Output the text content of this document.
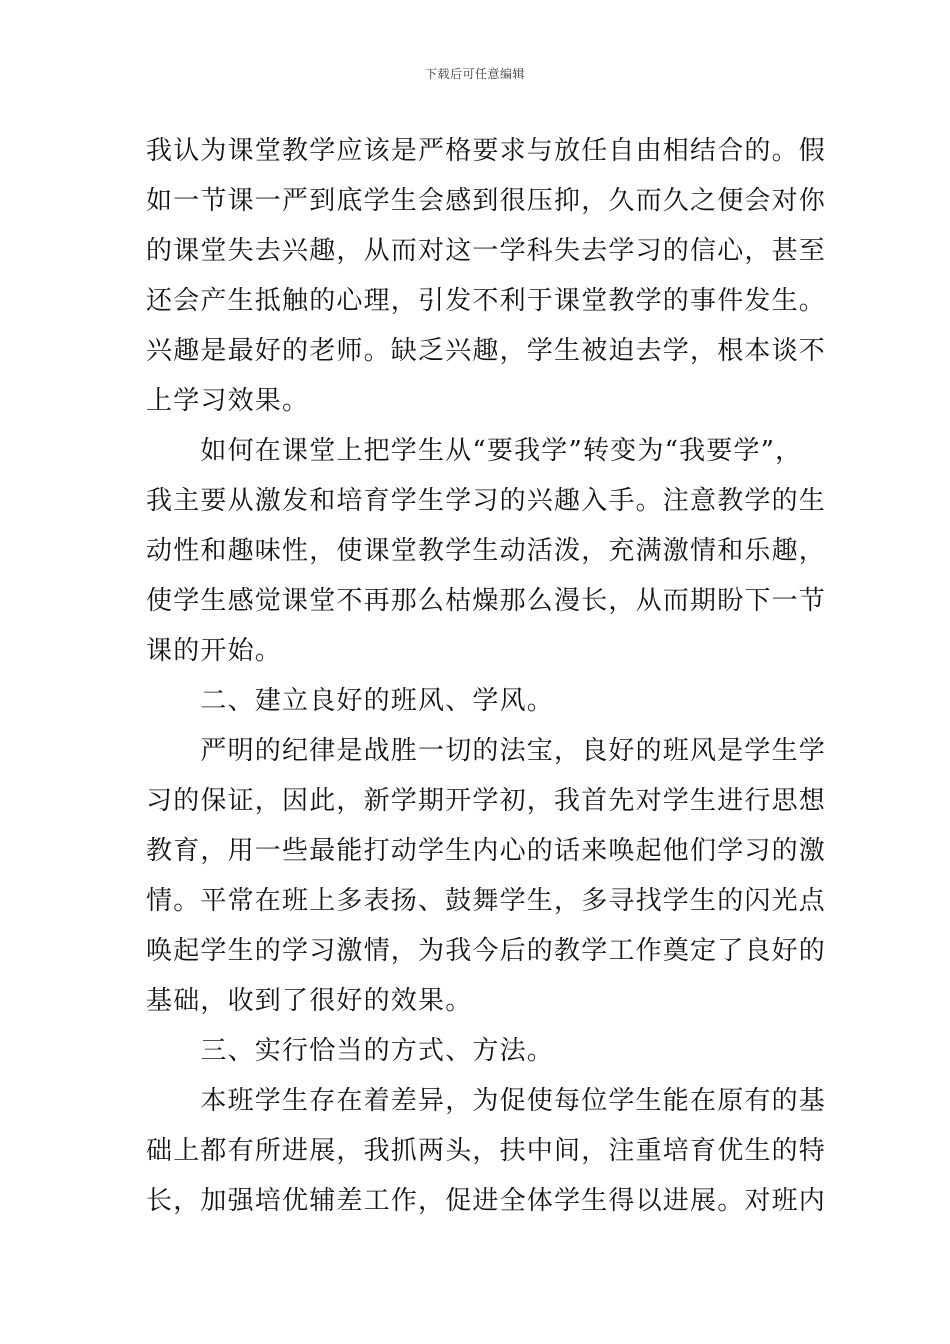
下载后可任意编辑
我认为课堂教学应该是严格要求与放任自由相结合的。假
如一节课一严到底学生会感到很压抑，久而久之便会对你
的课堂失去兴趣，从而对这一学科失去学习的信心，甚至
还会产生抵触的心理，引发不利于课堂教学的事件发生。
兴趣是最好的老师。缺乏兴趣，学生被迫去学，根本谈不
上学习效果。
　　如何在课堂上把学生从“要我学”转变为“我要学”，
我主要从激发和培育学生学习的兴趣入手。注意教学的生
动性和趣味性，使课堂教学生动活泼，充满激情和乐趣，
使学生感觉课堂不再那么枯燥那么漫长，从而期盼下一节
课的开始。
　　二、建立良好的班风、学风。
　　严明的纪律是战胜一切的法宝，良好的班风是学生学
习的保证，因此，新学期开学初，我首先对学生进行思想
教育，用一些最能打动学生内心的话来唤起他们学习的激
情。平常在班上多表扬、鼓舞学生，多寻找学生的闪光点
唤起学生的学习激情，为我今后的教学工作奠定了良好的
基础，收到了很好的效果。
　　三、实行恰当的方式、方法。
　　本班学生存在着差异，为促使每位学生能在原有的基
础上都有所进展，我抓两头，扶中间，注重培育优生的特
长，加强培优辅差工作，促进全体学生得以进展。对班内
